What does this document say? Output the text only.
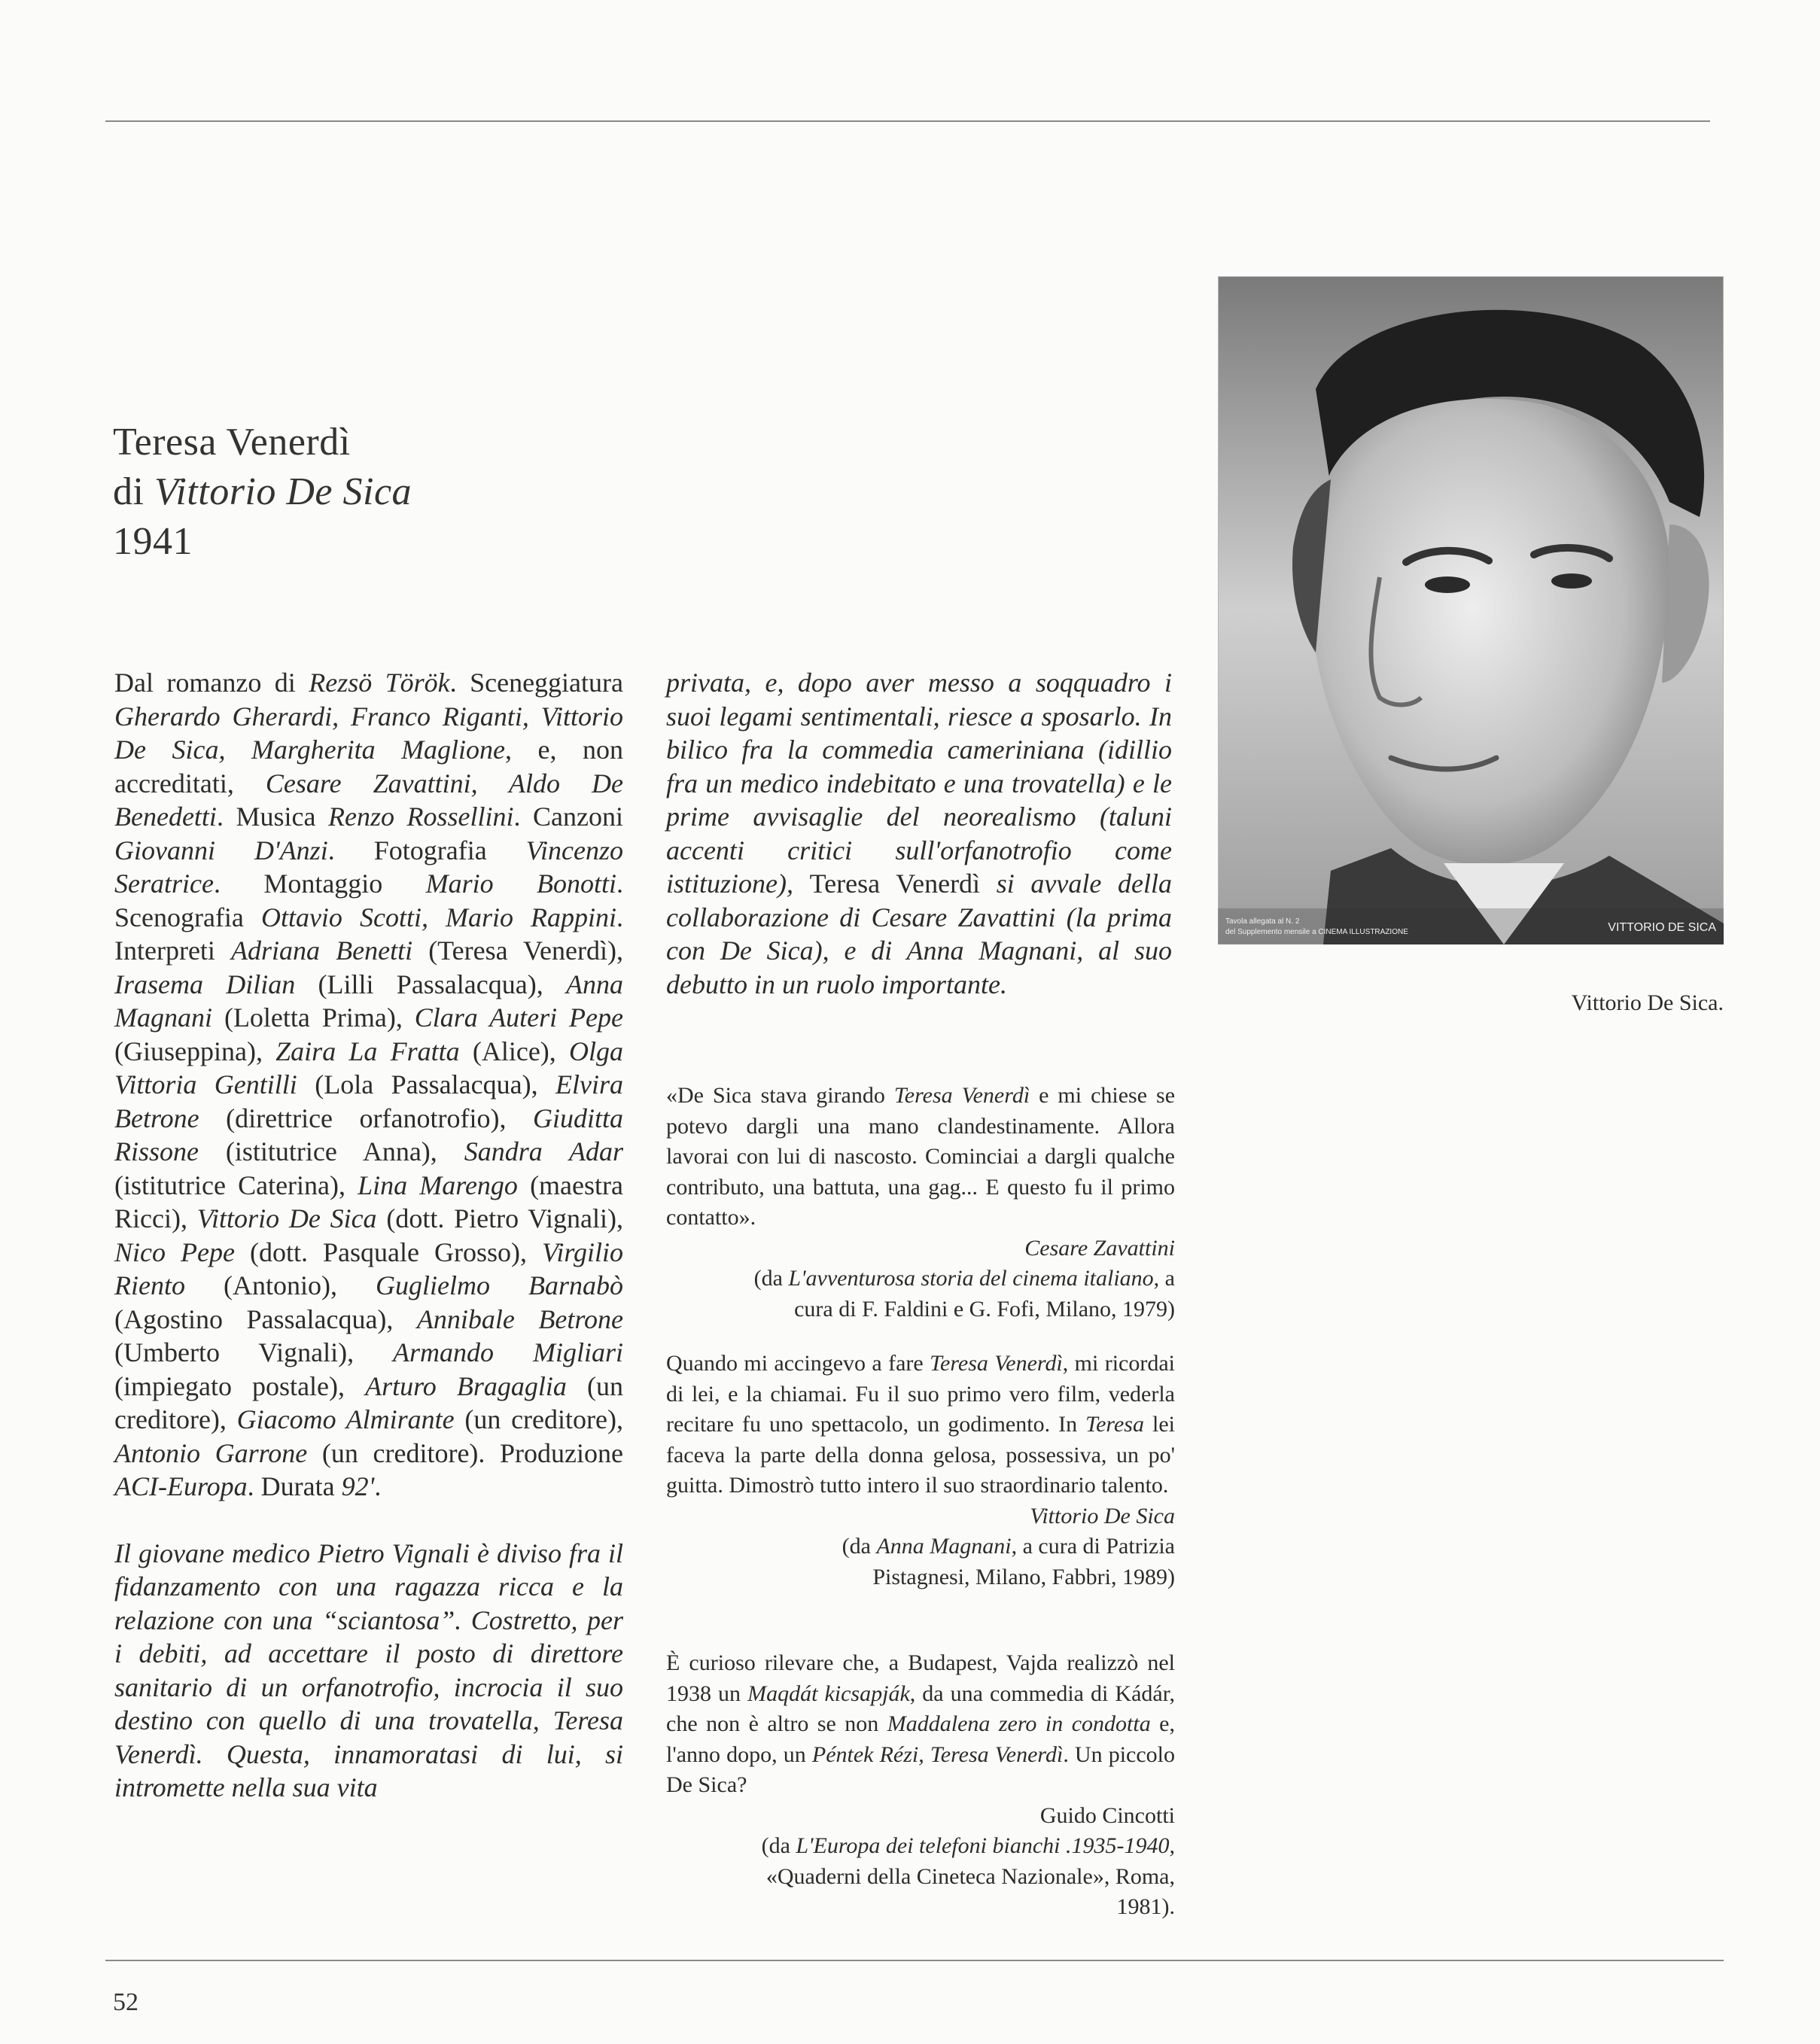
Teresa Venerdì
di Vittorio De Sica
1941

Dal romanzo di Rezsö Török. Sceneggiatura Gherardo Gherardi, Franco Riganti, Vittorio De Sica, Margherita Maglione, e, non accreditati, Cesare Zavattini, Aldo De Benedetti. Musica Renzo Rossellini. Canzoni Giovanni D'Anzi. Fotografia Vincenzo Seratrice. Montaggio Mario Bonotti. Scenografia Ottavio Scotti, Mario Rappini. Interpreti Adriana Benetti (Teresa Venerdì), Irasema Dilian (Lilli Passalacqua), Anna Magnani (Loletta Prima), Clara Auteri Pepe (Giuseppina), Zaira La Fratta (Alice), Olga Vittoria Gentilli (Lola Passalacqua), Elvira Betrone (direttrice orfanotrofio), Giuditta Rissone (istitutrice Anna), Sandra Adar (istitutrice Caterina), Lina Marengo (maestra Ricci), Vittorio De Sica (dott. Pietro Vignali), Nico Pepe (dott. Pasquale Grosso), Virgilio Riento (Antonio), Guglielmo Barnabò (Agostino Passalacqua), Annibale Betrone (Umberto Vignali), Armando Migliari (impiegato postale), Arturo Bragaglia (un creditore), Giacomo Almirante (un creditore), Antonio Garrone (un creditore). Produzione ACI-Europa. Durata 92'.

Il giovane medico Pietro Vignali è diviso fra il fidanzamento con una ragazza ricca e la relazione con una “sciantosa”. Costretto, per i debiti, ad accettare il posto di direttore sanitario di un orfanotrofio, incrocia il suo destino con quello di una trovatella, Teresa Venerdì. Questa, innamoratasi di lui, si intromette nella sua vita

privata, e, dopo aver messo a soqquadro i suoi legami sentimentali, riesce a sposarlo. In bilico fra la commedia cameriniana (idillio fra un medico indebitato e una trovatella) e le prime avvisaglie del neorealismo (taluni accenti critici sull'orfanotrofio come istituzione), Teresa Venerdì si avvale della collaborazione di Cesare Zavattini (la prima con De Sica), e di Anna Magnani, al suo debutto in un ruolo importante.

«De Sica stava girando Teresa Venerdì e mi chiese se potevo dargli una mano clandestinamente. Allora lavorai con lui di nascosto. Cominciai a dargli qualche contributo, una battuta, una gag... E questo fu il primo contatto».

Cesare Zavattini

(da L'avventurosa storia del cinema italiano, a

cura di F. Faldini e G. Fofi, Milano, 1979)

Quando mi accingevo a fare Teresa Venerdì, mi ricordai di lei, e la chiamai. Fu il suo primo vero film, vederla recitare fu uno spettacolo, un godimento. In Teresa lei faceva la parte della donna gelosa, possessiva, un po' guitta. Dimostrò tutto intero il suo straordinario talento.

Vittorio De Sica

(da Anna Magnani, a cura di Patrizia

Pistagnesi, Milano, Fabbri, 1989)

È curioso rilevare che, a Budapest, Vajda realizzò nel 1938 un Maqdát kicsapják, da una commedia di Kádár, che non è altro se non Maddalena zero in condotta e, l'anno dopo, un Péntek Rézi, Teresa Venerdì. Un piccolo De Sica?

Guido Cincotti

(da L'Europa dei telefoni bianchi .1935-1940,

«Quaderni della Cineteca Nazionale», Roma,

1981).

Tavola allegata al N. 2
del Supplemento mensile a CINEMA ILLUSTRAZIONE	VITTORIO DE SICA
Vittorio De Sica.
52
